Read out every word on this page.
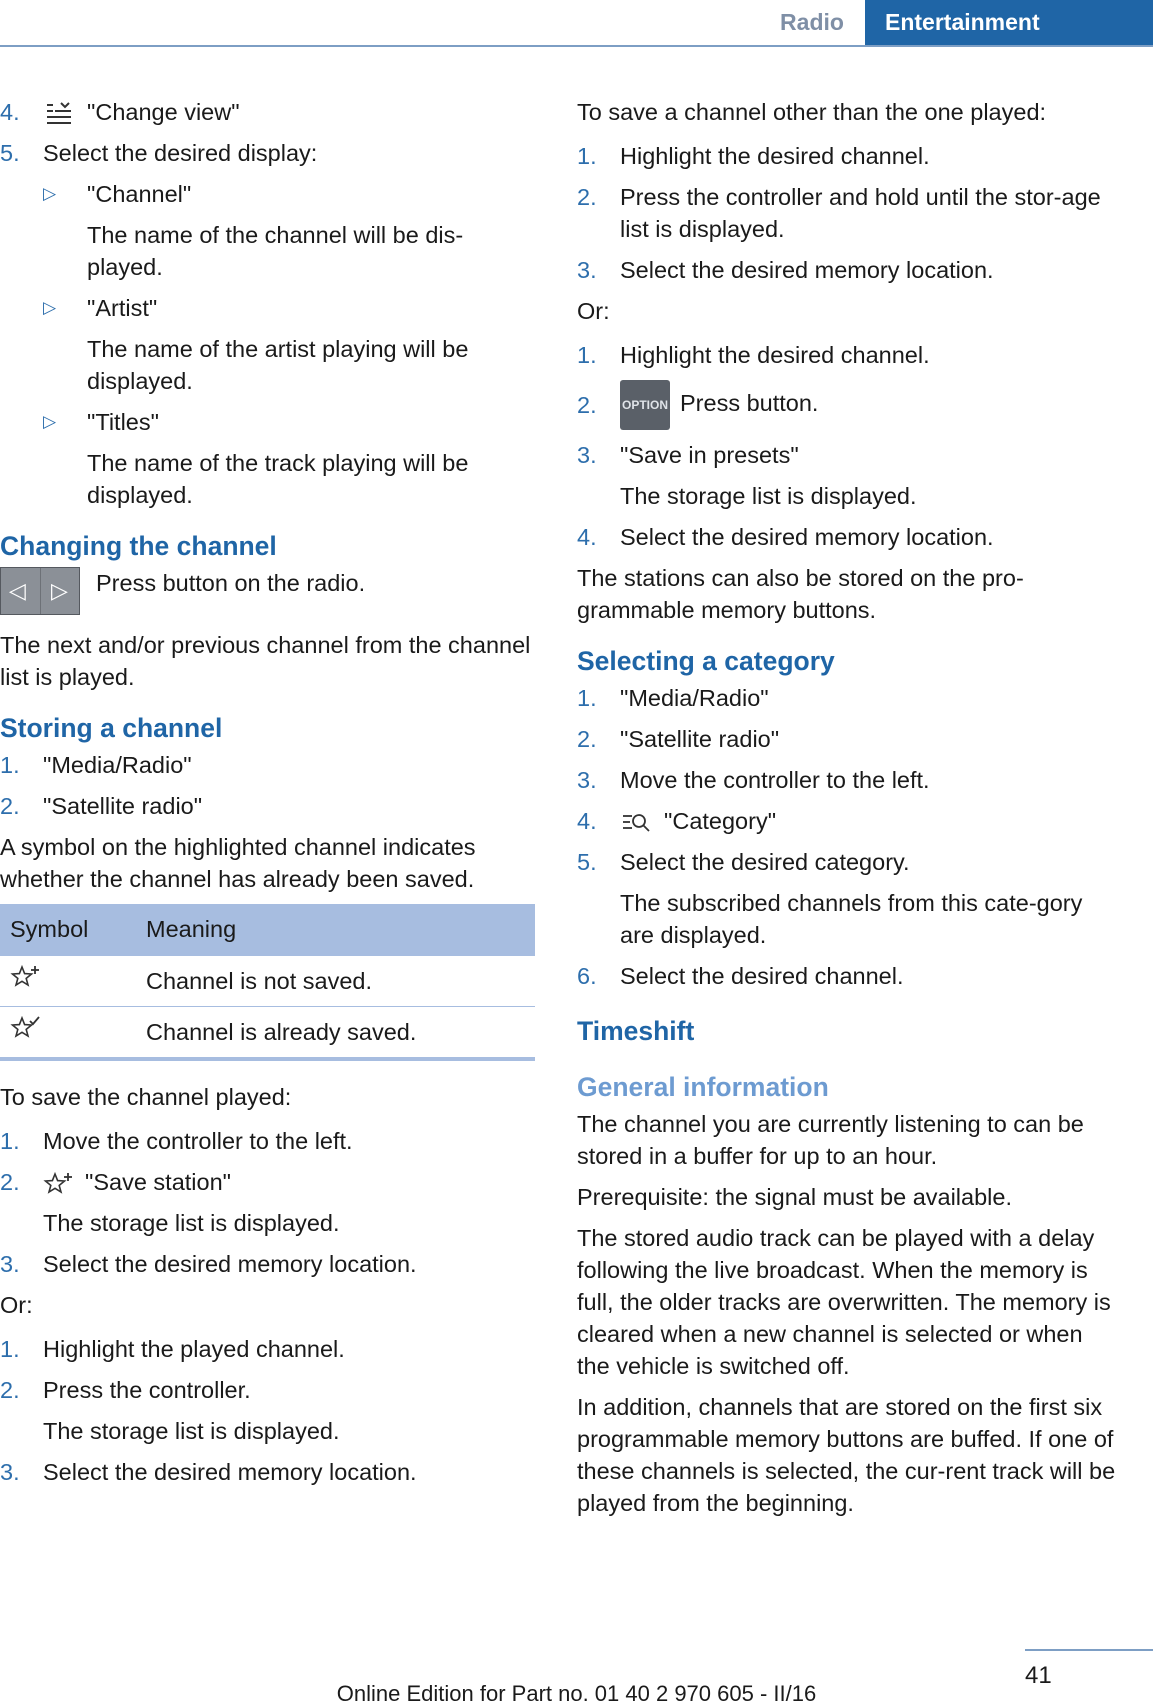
Radio	Entertainment
4.	"Change view"
5. Select the desired display:
▷	"Channel"
The name of the channel will be dis‐played.
▷	"Artist"
The name of the artist playing will be displayed.
▷	"Titles"
The name of the track playing will be displayed.
Changing the channel
◁ ▷ Press button on the radio.

The next and/or previous channel from the channel list is played.

Storing a channel
1. "Media/Radio"
2. "Satellite radio"

A symbol on the highlighted channel indicates whether the channel has already been saved.

Symbol	Meaning
	Channel is not saved.
	Channel is already saved.

To save the channel played:

1. Move the controller to the left.
2.	"Save station"
The storage list is displayed.
3. Select the desired memory location.

Or:

1. Highlight the played channel.
2. Press the controller.
The storage list is displayed.
3. Select the desired memory location.

To save a channel other than the one played:

1. Highlight the desired channel.
2. Press the controller and hold until the stor‐age list is displayed.
3. Select the desired memory location.

Or:

1. Highlight the desired channel.
2.	OPTION Press button.
3. "Save in presets"
The storage list is displayed.
4. Select the desired memory location.

The stations can also be stored on the pro‐grammable memory buttons.

Selecting a category
1. "Media/Radio"
2. "Satellite radio"
3. Move the controller to the left.
4.	"Category"
5. Select the desired category.
The subscribed channels from this cate‐gory are displayed.
6. Select the desired channel.
Timeshift
General information

The channel you are currently listening to can be stored in a buffer for up to an hour.

Prerequisite: the signal must be available.

The stored audio track can be played with a delay following the live broadcast. When the memory is full, the older tracks are overwritten. The memory is cleared when a new channel is selected or when the vehicle is switched off.

In addition, channels that are stored on the first six programmable memory buttons are buffed. If one of these channels is selected, the cur‐rent track will be played from the beginning.

41
Online Edition for Part no. 01 40 2 970 605 - II/16
